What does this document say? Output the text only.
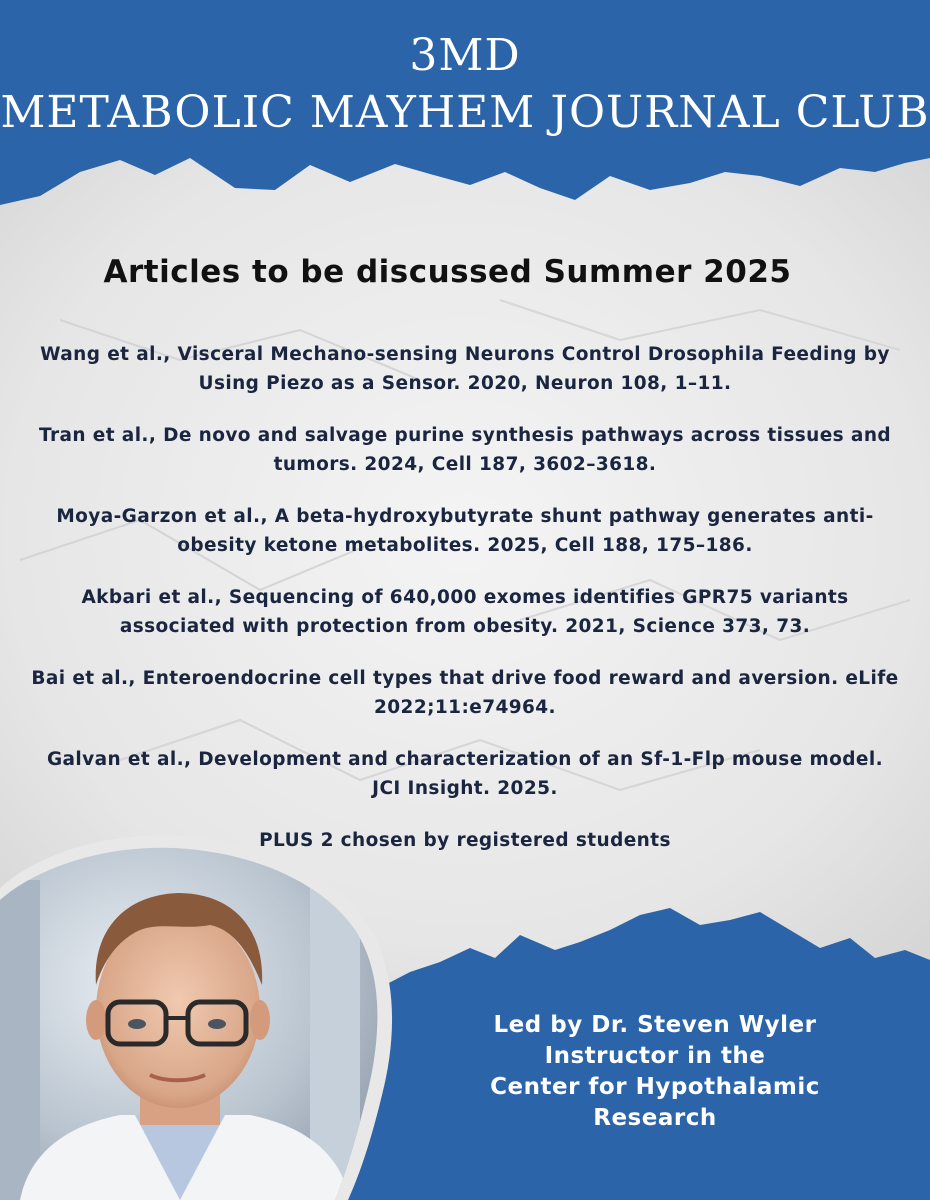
3MD
METABOLIC MAYHEM JOURNAL CLUB
Articles to be discussed Summer 2025
Wang et al., Visceral Mechano-sensing Neurons Control Drosophila Feeding by
Using Piezo as a Sensor. 2020, Neuron 108, 1–11.
Tran et al., De novo and salvage purine synthesis pathways across tissues and
tumors. 2024, Cell 187, 3602–3618.
Moya-Garzon et al., A beta-hydroxybutyrate shunt pathway generates anti-
obesity ketone metabolites. 2025, Cell 188, 175–186.
Akbari et al., Sequencing of 640,000 exomes identifies GPR75 variants
associated with protection from obesity. 2021, Science 373, 73.
Bai et al., Enteroendocrine cell types that drive food reward and aversion. eLife
2022;11:e74964.
Galvan et al., Development and characterization of an Sf-1-Flp mouse model.
JCI Insight. 2025.
PLUS 2 chosen by registered students
Led by Dr. Steven Wyler
Instructor in the
Center for Hypothalamic
Research
